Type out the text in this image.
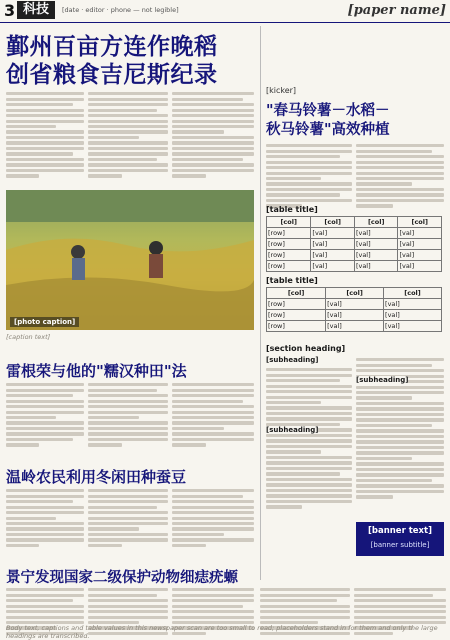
3 科技	[date · editor · phone — not legible]	[paper name]
鄞州百亩方连作晚稻
创省粮食吉尼斯纪录
[photo caption]
[caption text]
雷根荣与他的"糯汉种田"法
温岭农民利用冬闲田种蚕豆
景宁发现国家二级保护动物细痣疣螈
[kicker]
"春马铃薯－水稻－
秋马铃薯"高效种植
[table title]
[col]	[col]	[col]	[col]
[row]	[val]	[val]	[val]
[row]	[val]	[val]	[val]
[row]	[val]	[val]	[val]
[row]	[val]	[val]	[val]
[table title]
[col]	[col]	[col]
[row]	[val]	[val]
[row]	[val]	[val]
[row]	[val]	[val]
[section heading]
[subheading]
[subheading]
[subheading]
[banner text]
[banner subtitle]
Body text, captions and table values in this newspaper scan are too small to read; placeholders stand in for them and only the large headings are transcribed.
